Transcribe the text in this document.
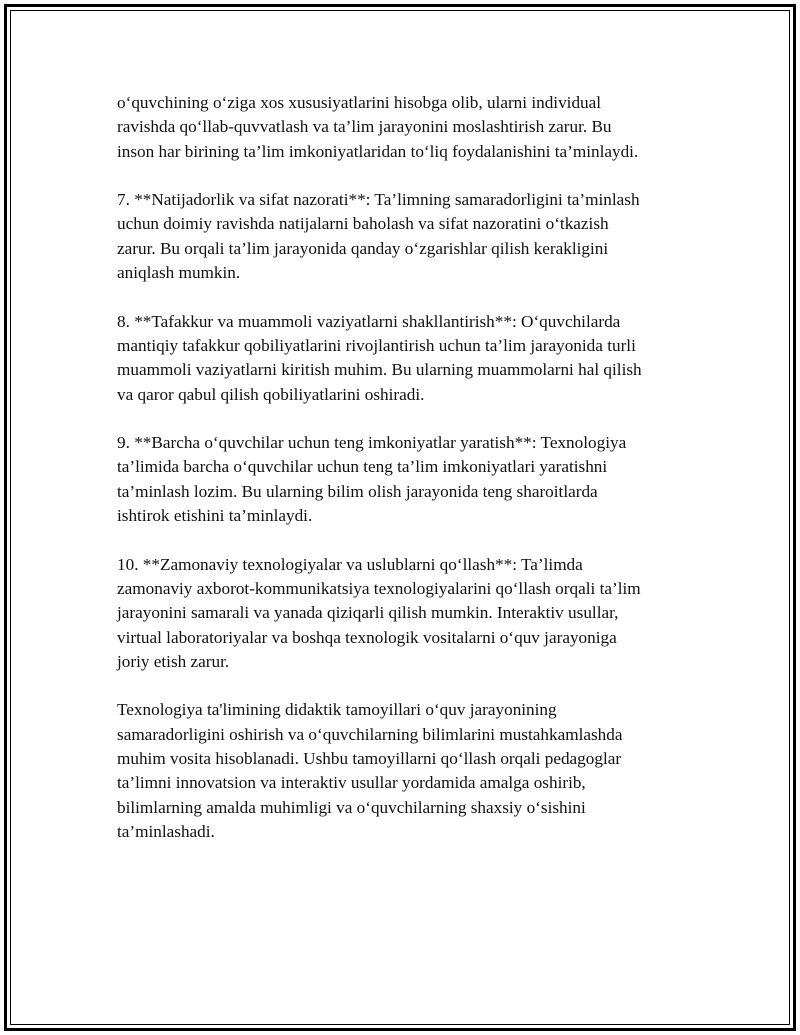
o‘quvchining o‘ziga xos xususiyatlarini hisobga olib, ularni individual
ravishda qo‘llab-quvvatlash va ta’lim jarayonini moslashtirish zarur. Bu
inson har birining ta’lim imkoniyatlaridan to‘liq foydalanishini ta’minlaydi.

7. **Natijadorlik va sifat nazorati**: Ta’limning samaradorligini ta’minlash
uchun doimiy ravishda natijalarni baholash va sifat nazoratini o‘tkazish
zarur. Bu orqali ta’lim jarayonida qanday o‘zgarishlar qilish kerakligini
aniqlash mumkin.

8. **Tafakkur va muammoli vaziyatlarni shakllantirish**: O‘quvchilarda
mantiqiy tafakkur qobiliyatlarini rivojlantirish uchun ta’lim jarayonida turli
muammoli vaziyatlarni kiritish muhim. Bu ularning muammolarni hal qilish
va qaror qabul qilish qobiliyatlarini oshiradi.

9. **Barcha o‘quvchilar uchun teng imkoniyatlar yaratish**: Texnologiya
ta’limida barcha o‘quvchilar uchun teng ta’lim imkoniyatlari yaratishni
ta’minlash lozim. Bu ularning bilim olish jarayonida teng sharoitlarda
ishtirok etishini ta’minlaydi.

10. **Zamonaviy texnologiyalar va uslublarni qo‘llash**: Ta’limda
zamonaviy axborot-kommunikatsiya texnologiyalarini qo‘llash orqali ta’lim
jarayonini samarali va yanada qiziqarli qilish mumkin. Interaktiv usullar,
virtual laboratoriyalar va boshqa texnologik vositalarni o‘quv jarayoniga
joriy etish zarur.

Texnologiya ta'limining didaktik tamoyillari o‘quv jarayonining
samaradorligini oshirish va o‘quvchilarning bilimlarini mustahkamlashda
muhim vosita hisoblanadi. Ushbu tamoyillarni qo‘llash orqali pedagoglar
ta’limni innovatsion va interaktiv usullar yordamida amalga oshirib,
bilimlarning amalda muhimligi va o‘quvchilarning shaxsiy o‘sishini
ta’minlashadi.
